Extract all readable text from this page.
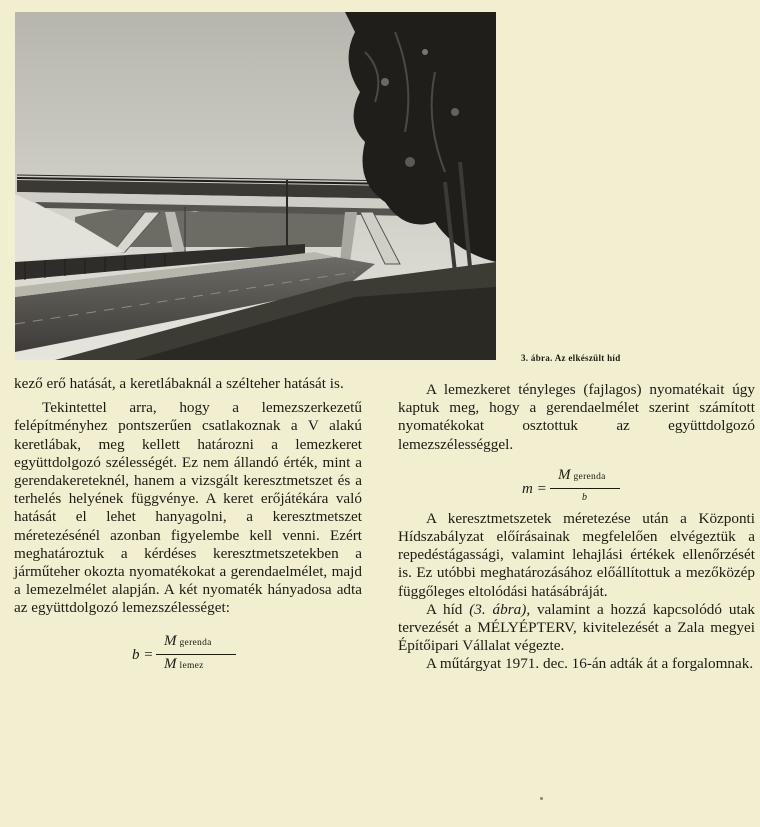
3. ábra. Az elkészült híd

kező erő hatását, a keretlábaknál a szélteher hatását is.

Tekintettel arra, hogy a lemezszerkezetű felépítményhez pontszerűen csatlakoznak a V alakú keretlábak, meg kellett határozni a lemezkeret együttdolgozó szélességét. Ez nem állandó érték, mint a gerendakereteknél, hanem a vizsgált keresztmetszet és a terhelés helyének függvénye. A keret erőjátékára való hatását el lehet hanyagolni, a keresztmetszet méretezésénél azonban figyelembe kell venni. Ezért meghatároztuk a kérdéses keresztmetszetekben a járműteher okozta nyomatékokat a gerendaelmélet, majd a lemezelmélet alapján. A két nyomaték hányadosa adta az együttdolgozó lemezszélességet:

b =
Mgerenda
Mlemez

A lemezkeret tényleges (fajlagos) nyomatékait úgy kaptuk meg, hogy a gerendaelmélet szerint számított nyomatékokat osztottuk az együttdolgozó lemezszélességgel.

m =
Mgerenda
b

A keresztmetszetek méretezése után a Központi Hídszabályzat előírásainak megfelelően elvégeztük a repedéstágassági, valamint lehajlási értékek ellenőrzését is. Ez utóbbi meghatározásához előállítottuk a mezőközép függőleges eltolódási hatásábráját.

A híd (3. ábra), valamint a hozzá kapcsolódó utak tervezését a MÉLYÉPTERV, kivitelezését a Zala megyei Építőipari Vállalat végezte.

A műtárgyat 1971. dec. 16-án adták át a forgalomnak.
